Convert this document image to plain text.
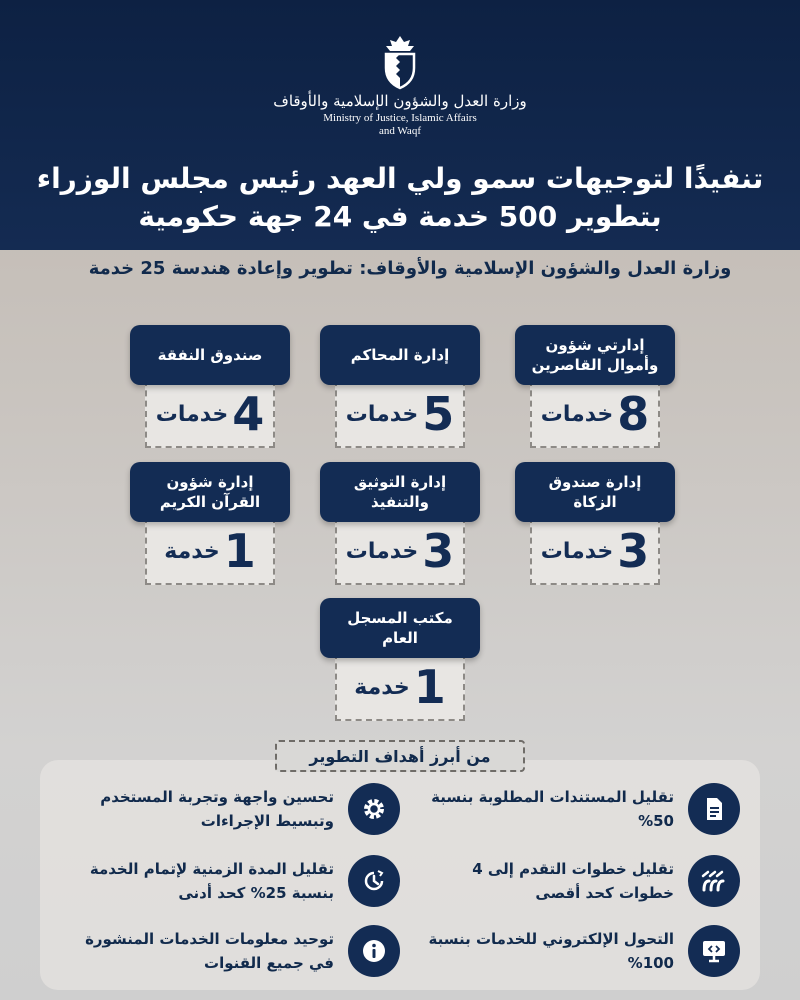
وزارة العدل والشؤون الإسلامية والأوقاف
Ministry of Justice, Islamic Affairs
and Waqf
تنفيذًا لتوجيهات سمو ولي العهد رئيس مجلس الوزراء
بتطوير 500 خدمة في 24 جهة حكومية
وزارة العدل والشؤون الإسلامية والأوقاف: تطوير وإعادة هندسة 25 خدمة
إدارتي شؤون وأموال القاصرين
8
خدمات
إدارة المحاكم
5
خدمات
صندوق النفقة
4
خدمات
إدارة صندوق الزكاة
3
خدمات
إدارة التوثيق والتنفيذ
3
خدمات
إدارة شؤون القرآن الكريم
1
خدمة
مكتب المسجل العام
1
خدمة
من أبرز أهداف التطوير
تقليل المستندات المطلوبة بنسبة 50%
تقليل خطوات التقدم إلى 4 خطوات كحد أقصى
التحول الإلكتروني للخدمات بنسبة 100%
تحسين واجهة وتجربة المستخدم وتبسيط الإجراءات
تقليل المدة الزمنية لإتمام الخدمة بنسبة 25% كحد أدنى
توحيد معلومات الخدمات المنشورة في جميع القنوات
